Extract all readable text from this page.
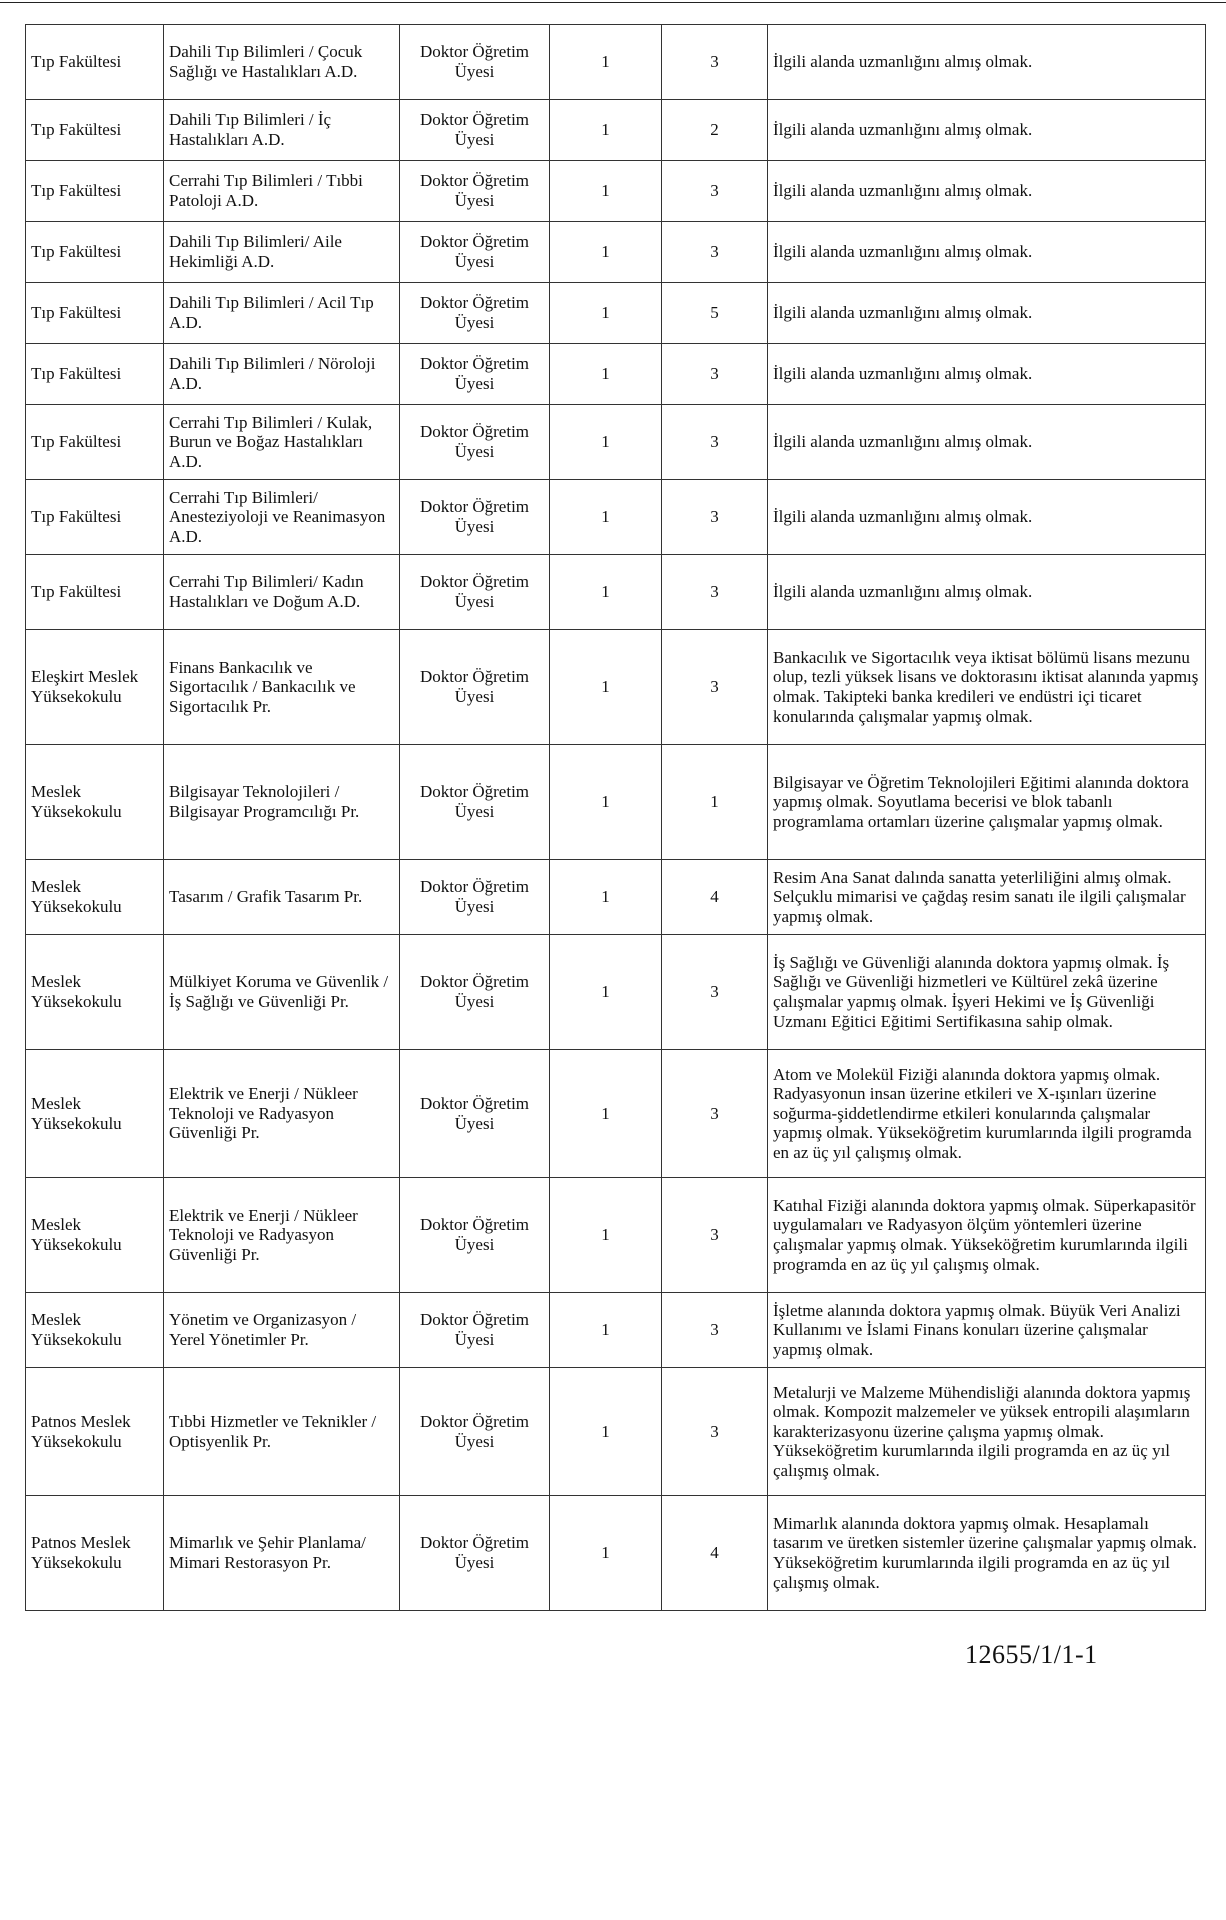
Tıp Fakültesi	Dahili Tıp Bilimleri / Çocuk Sağlığı ve Hastalıkları A.D.	Doktor Öğretim Üyesi	1	3	İlgili alanda uzmanlığını almış olmak.
Tıp Fakültesi	Dahili Tıp Bilimleri / İç Hastalıkları A.D.	Doktor Öğretim Üyesi	1	2	İlgili alanda uzmanlığını almış olmak.
Tıp Fakültesi	Cerrahi Tıp Bilimleri / Tıbbi Patoloji A.D.	Doktor Öğretim Üyesi	1	3	İlgili alanda uzmanlığını almış olmak.
Tıp Fakültesi	Dahili Tıp Bilimleri/ Aile Hekimliği A.D.	Doktor Öğretim Üyesi	1	3	İlgili alanda uzmanlığını almış olmak.
Tıp Fakültesi	Dahili Tıp Bilimleri / Acil Tıp A.D.	Doktor Öğretim Üyesi	1	5	İlgili alanda uzmanlığını almış olmak.
Tıp Fakültesi	Dahili Tıp Bilimleri / Nöroloji A.D.	Doktor Öğretim Üyesi	1	3	İlgili alanda uzmanlığını almış olmak.
Tıp Fakültesi	Cerrahi Tıp Bilimleri / Kulak, Burun ve Boğaz Hastalıkları A.D.	Doktor Öğretim Üyesi	1	3	İlgili alanda uzmanlığını almış olmak.
Tıp Fakültesi	Cerrahi Tıp Bilimleri/ Anesteziyoloji ve Reanimasyon A.D.	Doktor Öğretim Üyesi	1	3	İlgili alanda uzmanlığını almış olmak.
Tıp Fakültesi	Cerrahi Tıp Bilimleri/ Kadın Hastalıkları ve Doğum A.D.	Doktor Öğretim Üyesi	1	3	İlgili alanda uzmanlığını almış olmak.
Eleşkirt Meslek Yüksekokulu	Finans Bankacılık ve Sigortacılık / Bankacılık ve Sigortacılık Pr.	Doktor Öğretim Üyesi	1	3	Bankacılık ve Sigortacılık veya iktisat bölümü lisans mezunu olup, tezli yüksek lisans ve doktorasını iktisat alanında yapmış olmak. Takipteki banka kredileri ve endüstri içi ticaret konularında çalışmalar yapmış olmak.
Meslek Yüksekokulu	Bilgisayar Teknolojileri / Bilgisayar Programcılığı Pr.	Doktor Öğretim Üyesi	1	1	Bilgisayar ve Öğretim Teknolojileri Eğitimi alanında doktora yapmış olmak. Soyutlama becerisi ve blok tabanlı programlama ortamları üzerine çalışmalar yapmış olmak.
Meslek Yüksekokulu	Tasarım / Grafik Tasarım Pr.	Doktor Öğretim Üyesi	1	4	Resim Ana Sanat dalında sanatta yeterliliğini almış olmak. Selçuklu mimarisi ve çağdaş resim sanatı ile ilgili çalışmalar yapmış olmak.
Meslek Yüksekokulu	Mülkiyet Koruma ve Güvenlik / İş Sağlığı ve Güvenliği Pr.	Doktor Öğretim Üyesi	1	3	İş Sağlığı ve Güvenliği alanında doktora yapmış olmak. İş Sağlığı ve Güvenliği hizmetleri ve Kültürel zekâ üzerine çalışmalar yapmış olmak. İşyeri Hekimi ve İş Güvenliği Uzmanı Eğitici Eğitimi Sertifikasına sahip olmak.
Meslek Yüksekokulu	Elektrik ve Enerji / Nükleer Teknoloji ve Radyasyon Güvenliği Pr.	Doktor Öğretim Üyesi	1	3	Atom ve Molekül Fiziği alanında doktora yapmış olmak. Radyasyonun insan üzerine etkileri ve X-ışınları üzerine soğurma-şiddetlendirme etkileri konularında çalışmalar yapmış olmak. Yükseköğretim kurumlarında ilgili programda en az üç yıl çalışmış olmak.
Meslek Yüksekokulu	Elektrik ve Enerji / Nükleer Teknoloji ve Radyasyon Güvenliği Pr.	Doktor Öğretim Üyesi	1	3	Katıhal Fiziği alanında doktora yapmış olmak. Süperkapasitör uygulamaları ve Radyasyon ölçüm yöntemleri üzerine çalışmalar yapmış olmak. Yükseköğretim kurumlarında ilgili programda en az üç yıl çalışmış olmak.
Meslek Yüksekokulu	Yönetim ve Organizasyon / Yerel Yönetimler Pr.	Doktor Öğretim Üyesi	1	3	İşletme alanında doktora yapmış olmak. Büyük Veri Analizi Kullanımı ve İslami Finans konuları üzerine çalışmalar yapmış olmak.
Patnos Meslek Yüksekokulu	Tıbbi Hizmetler ve Teknikler / Optisyenlik Pr.	Doktor Öğretim Üyesi	1	3	Metalurji ve Malzeme Mühendisliği alanında doktora yapmış olmak. Kompozit malzemeler ve yüksek entropili alaşımların karakterizasyonu üzerine çalışma yapmış olmak. Yükseköğretim kurumlarında ilgili programda en az üç yıl çalışmış olmak.
Patnos Meslek Yüksekokulu	Mimarlık ve Şehir Planlama/ Mimari Restorasyon Pr.	Doktor Öğretim Üyesi	1	4	Mimarlık alanında doktora yapmış olmak. Hesaplamalı tasarım ve üretken sistemler üzerine çalışmalar yapmış olmak. Yükseköğretim kurumlarında ilgili programda en az üç yıl çalışmış olmak.
12655/1/1-1
